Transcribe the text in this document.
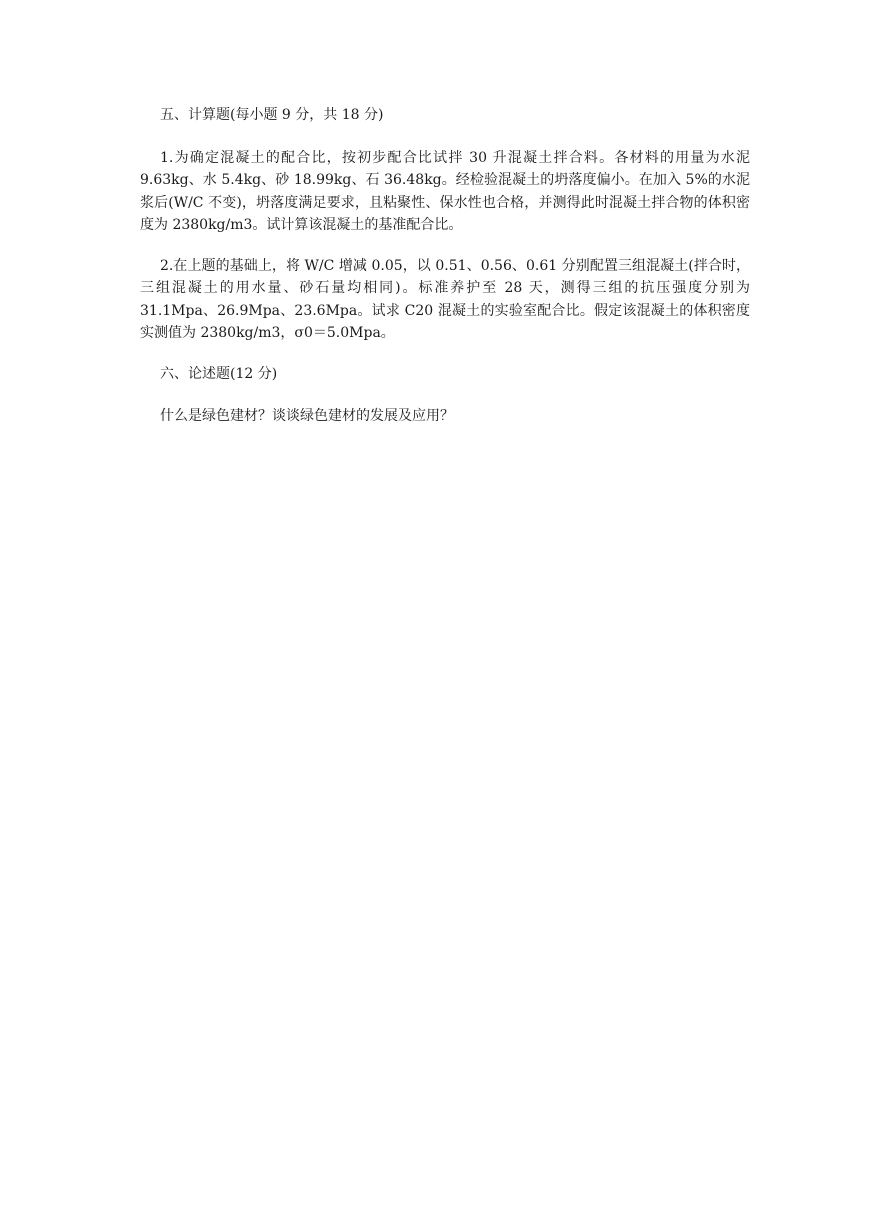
五、计算题(每小题 9 分，共 18 分)

1.为确定混凝土的配合比，按初步配合比试拌 30 升混凝土拌合料。各材料的用量为水泥 9.63kg、水 5.4kg、砂 18.99kg、石 36.48kg。经检验混凝土的坍落度偏小。在加入 5%的水泥浆后(W/C 不变)，坍落度满足要求，且粘聚性、保水性也合格，并测得此时混凝土拌合物的体积密度为 2380kg/m3。试计算该混凝土的基准配合比。

2.在上题的基础上，将 W/C 增减 0.05，以 0.51、0.56、0.61 分别配置三组混凝土(拌合时，三组混凝土的用水量、砂石量均相同)。标准养护至 28 天，测得三组的抗压强度分别为 31.1Mpa、26.9Mpa、23.6Mpa。试求 C20 混凝土的实验室配合比。假定该混凝土的体积密度实测值为 2380kg/m3，σ0＝5.0Mpa。

六、论述题(12 分)

什么是绿色建材？谈谈绿色建材的发展及应用？
